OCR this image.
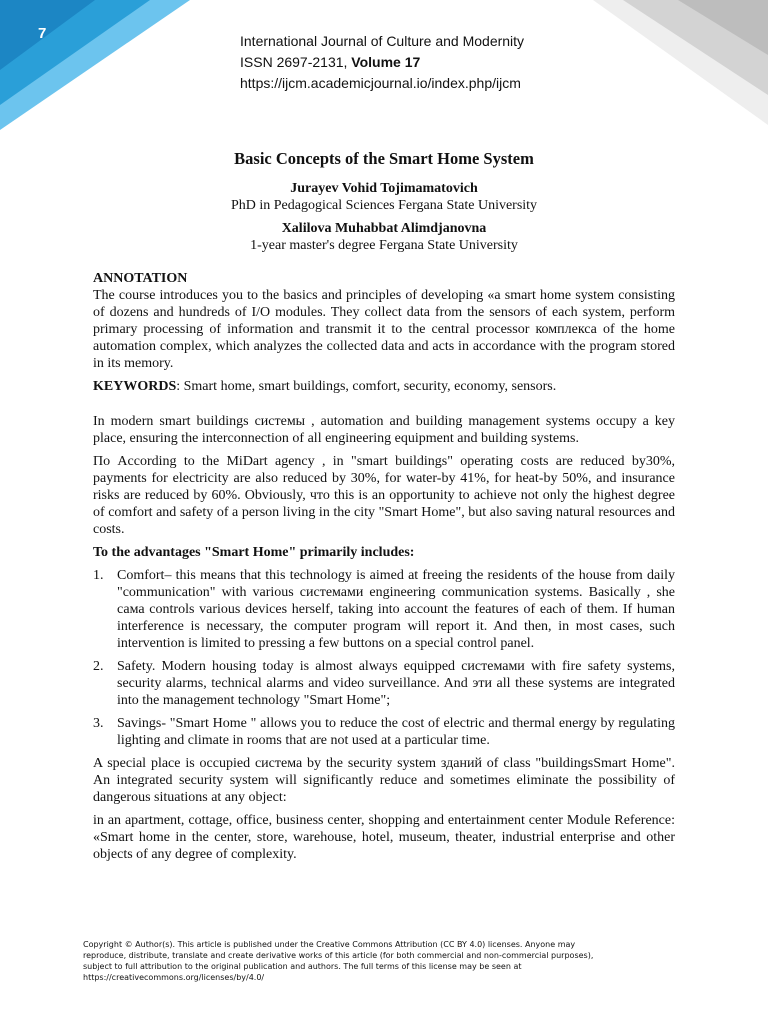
7	International Journal of Culture and Modernity
ISSN 2697-2131, Volume 17
https://ijcm.academicjournal.io/index.php/ijcm
Basic Concepts of the Smart Home System
Jurayev Vohid Tojimamatovich
PhD in Pedagogical Sciences Fergana State University
Xalilova Muhabbat Alimdjanovna
1-year master's degree Fergana State University
ANNOTATION

The course introduces you to the basics and principles of developing «a smart home system consisting of dozens and hundreds of I/O modules. They collect data from the sensors of each system, perform primary processing of information and transmit it to the central processor комплекса of the home automation complex, which analyzes the collected data and acts in accordance with the program stored in its memory.

KEYWORDS: Smart home, smart buildings, comfort, security, economy, sensors.

In modern smart buildings системы , automation and building management systems occupy a key place, ensuring the interconnection of all engineering equipment and building systems.

По According to the MiDart agency , in "smart buildings" operating costs are reduced by30%, payments for electricity are also reduced by 30%, for water-by 41%, for heat-by 50%, and insurance risks are reduced by 60%. Obviously, что this is an opportunity to achieve not only the highest degree of comfort and safety of a person living in the city "Smart Home", but also saving natural resources and costs.

To the advantages "Smart Home" primarily includes:

1. Comfort– this means that this technology is aimed at freeing the residents of the house from daily "communication" with various системами engineering communication systems. Basically , she сама controls various devices herself, taking into account the features of each of them. If human interference is necessary, the computer program will report it. And then, in most cases, such intervention is limited to pressing a few buttons on a special control panel.
2. Safety. Modern housing today is almost always equipped системами with fire safety systems, security alarms, technical alarms and video surveillance. And эти all these systems are integrated into the management technology "Smart Home";
3. Savings- "Smart Home " allows you to reduce the cost of electric and thermal energy by regulating lighting and climate in rooms that are not used at a particular time.

A special place is occupied система by the security system зданий of class "buildingsSmart Home". An integrated security system will significantly reduce and sometimes eliminate the possibility of dangerous situations at any object:

in an apartment, cottage, office, business center, shopping and entertainment center Module Reference: «Smart home in the center, store, warehouse, hotel, museum, theater, industrial enterprise and other objects of any degree of complexity.

Copyright © Author(s). This article is published under the Creative Commons Attribution (CC BY 4.0) licenses. Anyone may reproduce, distribute, translate and create derivative works of this article (for both commercial and non-commercial purposes), subject to full attribution to the original publication and authors. The full terms of this license may be seen at https://creativecommons.org/licenses/by/4.0/
